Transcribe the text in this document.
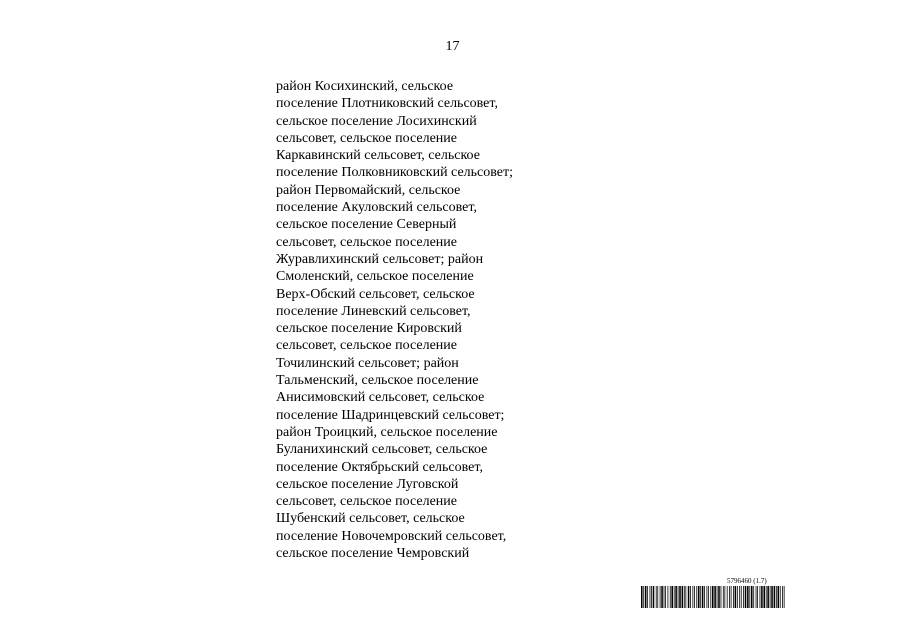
17
район Косихинский, сельское
поселение Плотниковский сельсовет,
сельское поселение Лосихинский
сельсовет, сельское поселение
Каркавинский сельсовет, сельское
поселение Полковниковский сельсовет;
район Первомайский, сельское
поселение Акуловский сельсовет,
сельское поселение Северный
сельсовет, сельское поселение
Журавлихинский сельсовет; район
Смоленский, сельское поселение
Верх-Обский сельсовет, сельское
поселение Линевский сельсовет,
сельское поселение Кировский
сельсовет, сельское поселение
Точилинский сельсовет; район
Тальменский, сельское поселение
Анисимовский сельсовет, сельское
поселение Шадринцевский сельсовет;
район Троицкий, сельское поселение
Буланихинский сельсовет, сельское
поселение Октябрьский сельсовет,
сельское поселение Луговской
сельсовет, сельское поселение
Шубенский сельсовет, сельское
поселение Новочемровский сельсовет,
сельское поселение Чемровский
5796460 (1.7)
